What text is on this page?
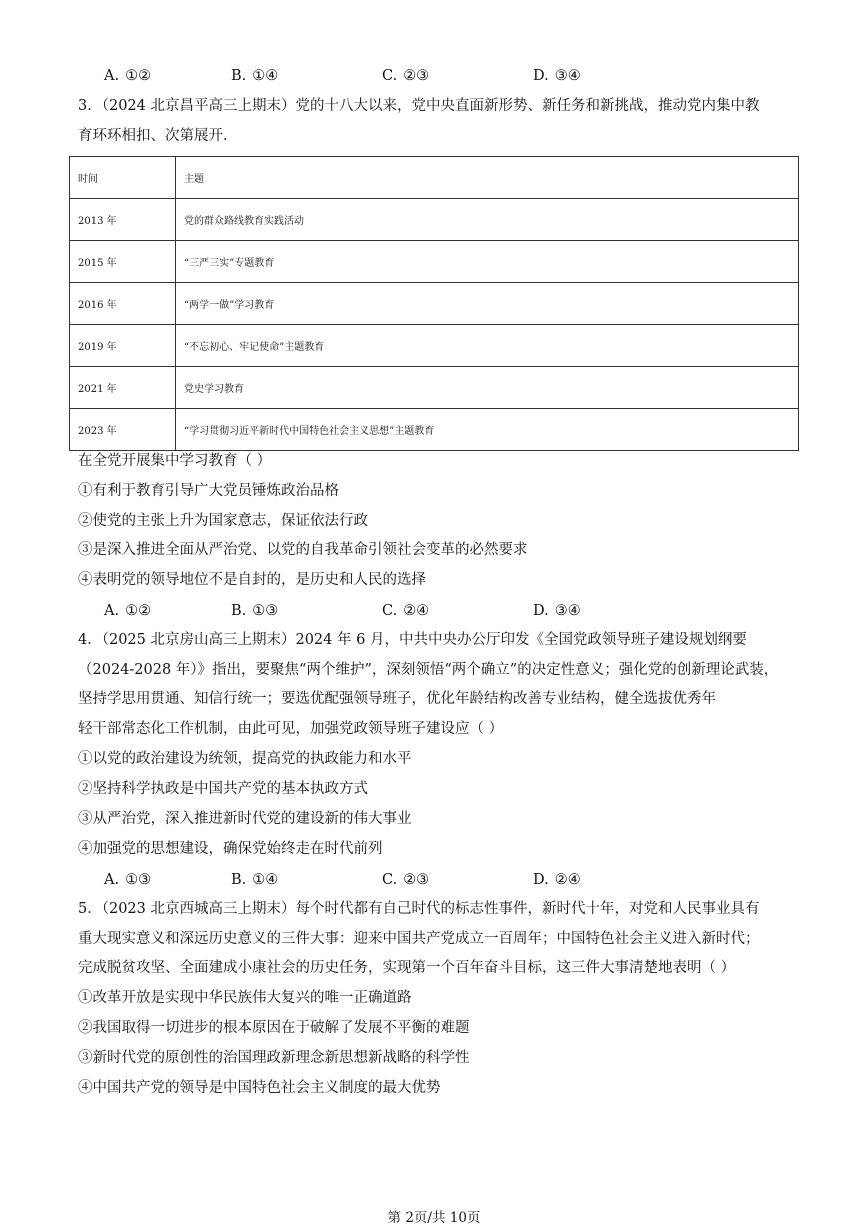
A. ①②	B. ①④	C. ②③	D. ③④
3．（2024 北京昌平高三上期末）党的十八大以来，党中央直面新形势、新任务和新挑战，推动党内集中教
育环环相扣、次第展开.
时间	主题
2013 年	党的群众路线教育实践活动
2015 年	“三严三实”专题教育
2016 年	“两学一做”学习教育
2019 年	“不忘初心、牢记使命”主题教育
2021 年	党史学习教育
2023 年	“学习贯彻习近平新时代中国特色社会主义思想”主题教育
在全党开展集中学习教育（ ）
①有利于教育引导广大党员锤炼政治品格
②使党的主张上升为国家意志，保证依法行政
③是深入推进全面从严治党、以党的自我革命引领社会变革的必然要求
④表明党的领导地位不是自封的，是历史和人民的选择
A. ①②	B. ①③	C. ②④	D. ③④
4．（2025 北京房山高三上期末）2024 年 6 月，中共中央办公厅印发《全国党政领导班子建设规划纲要
（2024-2028 年）》指出，要聚焦“两个维护”，深刻领悟“两个确立”的决定性意义；强化党的创新理论武装，
坚持学思用贯通、知信行统一；要选优配强领导班子，优化年龄结构改善专业结构，健全选拔优秀年
轻干部常态化工作机制，由此可见，加强党政领导班子建设应（ ）
①以党的政治建设为统领，提高党的执政能力和水平
②坚持科学执政是中国共产党的基本执政方式
③从严治党，深入推进新时代党的建设新的伟大事业
④加强党的思想建设，确保党始终走在时代前列
A. ①③	B. ①④	C. ②③	D. ②④
5．（2023 北京西城高三上期末）每个时代都有自己时代的标志性事件，新时代十年，对党和人民事业具有
重大现实意义和深远历史意义的三件大事：迎来中国共产党成立一百周年；中国特色社会主义进入新时代；
完成脱贫攻坚、全面建成小康社会的历史任务，实现第一个百年奋斗目标，这三件大事清楚地表明（ ）
①改革开放是实现中华民族伟大复兴的唯一正确道路
②我国取得一切进步的根本原因在于破解了发展不平衡的难题
③新时代党的原创性的治国理政新理念新思想新战略的科学性
④中国共产党的领导是中国特色社会主义制度的最大优势
第 2页/共 10页
